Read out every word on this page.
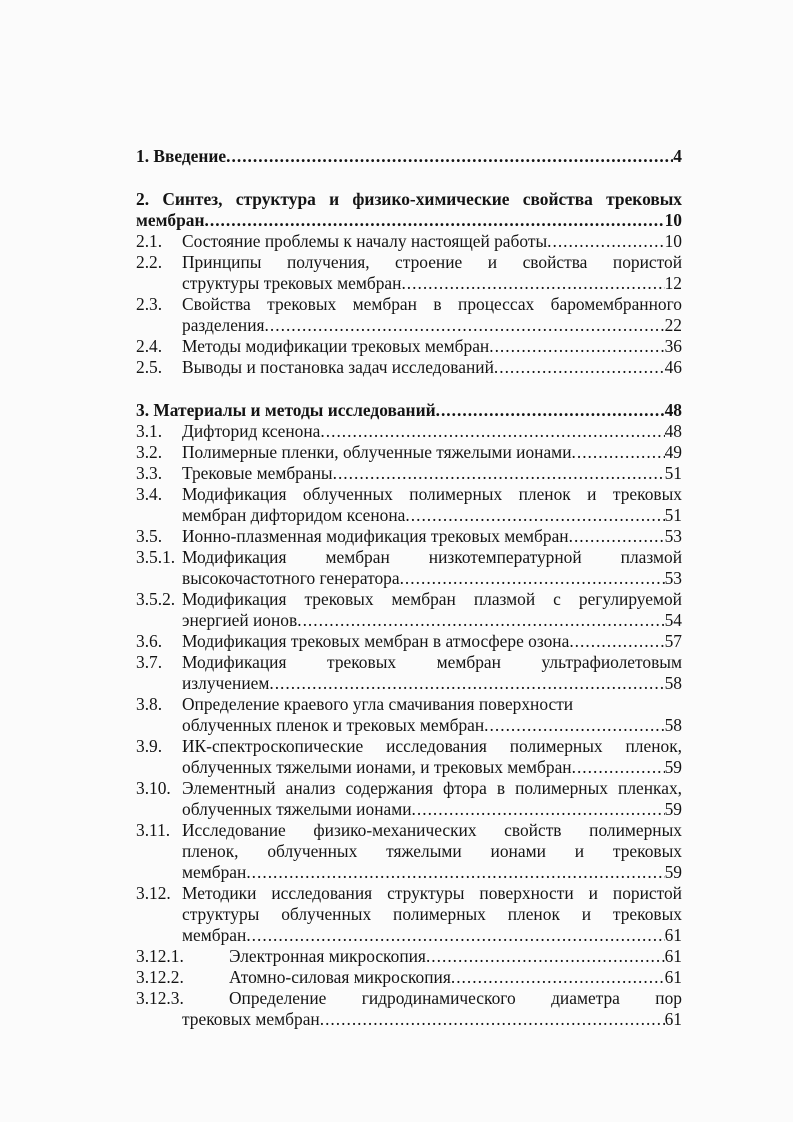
1. Введение .....	4
2. Синтез, структура и физико-химические свойства трековых
мембран .....	10
2.1.	Состояние проблемы к началу настоящей работы .....	10
2.2.	Принципы получения, строение и свойства пористой
структуры трековых мембран .....	12
2.3.	Свойства трековых мембран в процессах баромембранного
разделения .....	22
2.4.	Методы модификации трековых мембран .....	36
2.5.	Выводы и постановка задач исследований .....	46
3. Материалы и методы исследований .....	48
3.1.	Дифторид ксенона .....	48
3.2.	Полимерные пленки, облученные тяжелыми ионами .....	49
3.3.	Трековые мембраны .....	51
3.4.	Модификация облученных полимерных пленок и трековых
мембран дифторидом ксенона .....	51
3.5.	Ионно-плазменная модификация трековых мембран .....	53
3.5.1. Модификация мембран низкотемпературной плазмой
высокочастотного генератора .....	53
3.5.2. Модификация трековых мембран плазмой с регулируемой
энергией ионов .....	54
3.6.	Модификация трековых мембран в атмосфере озона .....	57
3.7.	Модификация трековых мембран ультрафиолетовым
излучением .....	58
3.8.	Определение краевого угла смачивания поверхности
облученных пленок и трековых мембран .....	58
3.9.	ИК-спектроскопические исследования полимерных пленок,
облученных тяжелыми ионами, и трековых мембран .....	59
3.10. Элементный анализ содержания фтора в полимерных пленках,
облученных тяжелыми ионами .....	59
3.11. Исследование физико-механических свойств полимерных
пленок, облученных тяжелыми ионами и трековых
мембран .....	59
3.12. Методики исследования структуры поверхности и пористой
структуры облученных полимерных пленок и трековых
мембран .....	61
3.12.1.	Электронная микроскопия .....	61
3.12.2.	Атомно-силовая микроскопия .....	61
3.12.3.	Определение гидродинамического диаметра пор
трековых мембран .....	61
